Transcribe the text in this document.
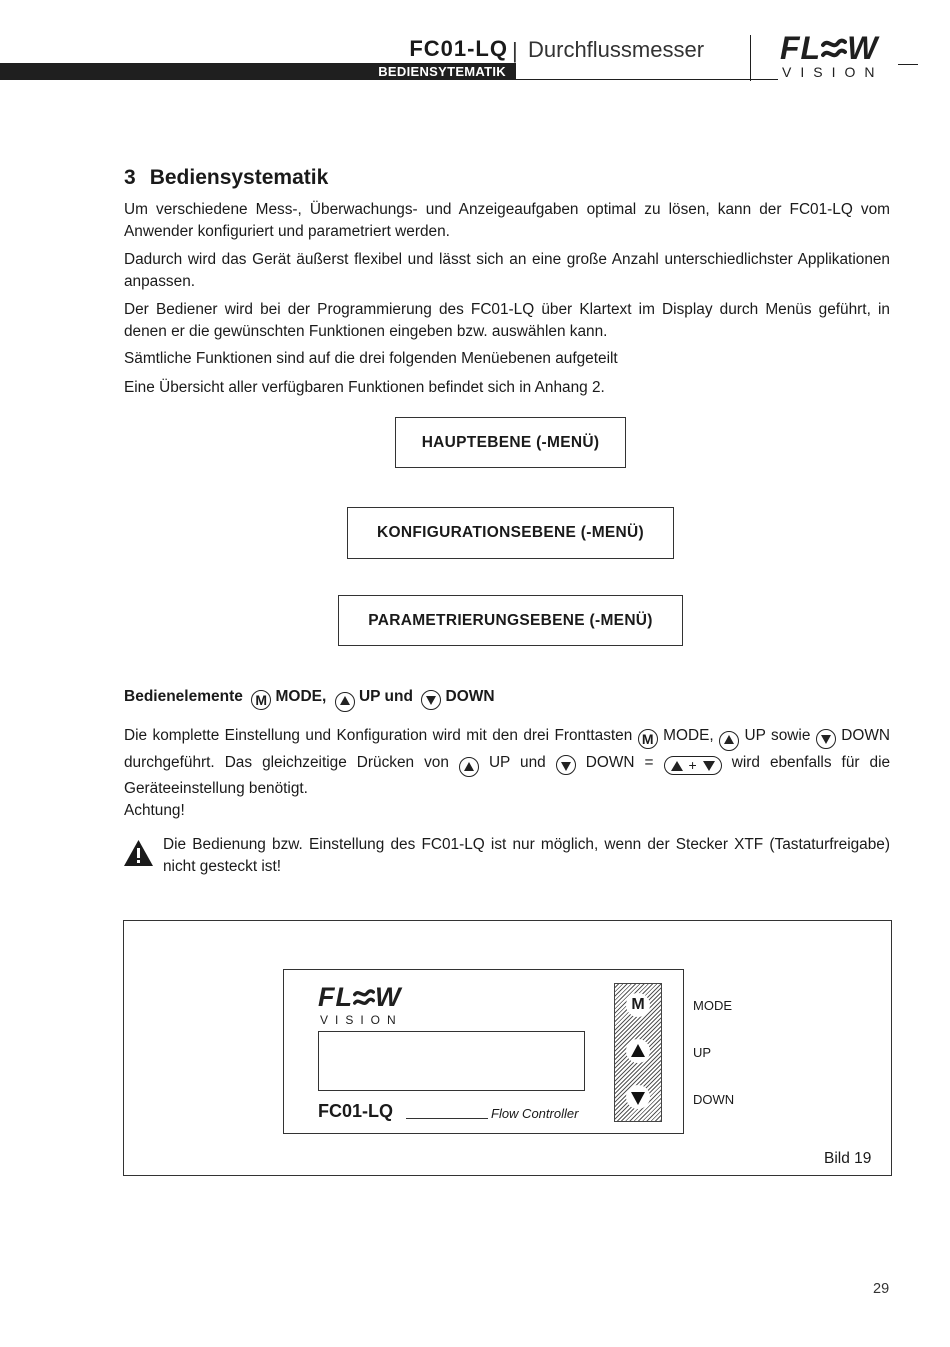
BEDIENSYTEMATIK
FC01-LQ | Durchflussmesser FL W
VISION
3 Bediensystematik
Um verschiedene Mess-, Überwachungs- und Anzeigeaufgaben optimal zu lösen, kann der FC01-LQ vom Anwender konfiguriert und parametriert werden.
Dadurch wird das Gerät äußerst flexibel und lässt sich an eine große Anzahl unterschiedlichster Applikationen anpassen.
Der Bediener wird bei der Programmierung des FC01-LQ über Klartext im Display durch Menüs geführt, in denen er die gewünschten Funktionen eingeben bzw. auswählen kann.
Sämtliche Funktionen sind auf die drei folgenden Menüebenen aufgeteilt
Eine Übersicht aller verfügbaren Funktionen befindet sich in Anhang 2.
HAUPTEBENE (-MENÜ)
KONFIGURATIONSEBENE (-MENÜ)
PARAMETRIERUNGSEBENE (-MENÜ)
Bedienelemente M MODE, UP und DOWN
Die komplette Einstellung und Konfiguration wird mit den drei Fronttasten M MODE, UP sowie DOWN durchgeführt. Das gleichzeitige Drücken von	UP und	DOWN =	+ wird ebenfalls für die Geräteeinstellung benötigt.
Achtung!
Die Bedienung bzw. Einstellung des FC01-LQ ist nur möglich, wenn der Stecker XTF (Tastaturfreigabe) nicht gesteckt ist!
FL W
VISION
FC01-LQ	Flow Controller
M	MODE
UP
DOWN
Bild 19
29
